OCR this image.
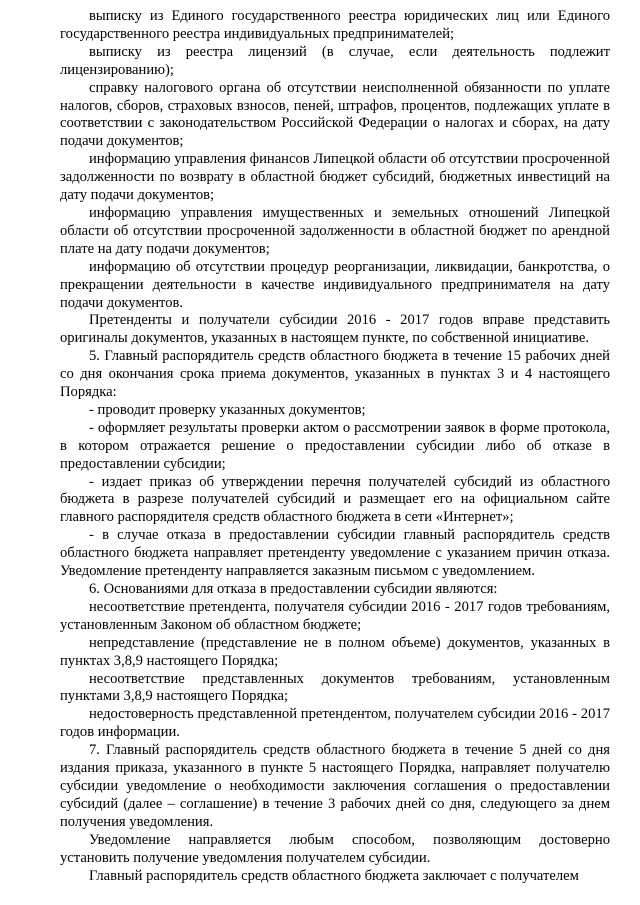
выписку из Единого государственного реестра юридических лиц или Единого государственного реестра индивидуальных предпринимателей;

выписку из реестра лицензий (в случае, если деятельность подлежит лицензированию);

справку налогового органа об отсутствии неисполненной обязанности по уплате налогов, сборов, страховых взносов, пеней, штрафов, процентов, подлежащих уплате в соответствии с законодательством Российской Федерации о налогах и сборах, на дату подачи документов;

информацию управления финансов Липецкой области об отсутствии просроченной задолженности по возврату в областной бюджет субсидий, бюджетных инвестиций на дату подачи документов;

информацию управления имущественных и земельных отношений Липецкой области об отсутствии просроченной задолженности в областной бюджет по арендной плате на дату подачи документов;

информацию об отсутствии процедур реорганизации, ликвидации, банкротства, о прекращении деятельности в качестве индивидуального предпринимателя на дату подачи документов.

Претенденты и получатели субсидии 2016 - 2017 годов вправе представить оригиналы документов, указанных в настоящем пункте, по собственной инициативе.

5. Главный распорядитель средств областного бюджета в течение 15 рабочих дней со дня окончания срока приема документов, указанных в пунктах 3 и 4 настоящего Порядка:

- проводит проверку указанных документов;

- оформляет результаты проверки актом о рассмотрении заявок в форме протокола, в котором отражается решение о предоставлении субсидии либо об отказе в предоставлении субсидии;

- издает приказ об утверждении перечня получателей субсидий из областного бюджета в разрезе получателей субсидий и размещает его на официальном сайте главного распорядителя средств областного бюджета в сети «Интернет»;

- в случае отказа в предоставлении субсидии главный распорядитель средств областного бюджета направляет претенденту уведомление с указанием причин отказа. Уведомление претенденту направляется заказным письмом с уведомлением.

6. Основаниями для отказа в предоставлении субсидии являются:

несоответствие претендента, получателя субсидии 2016 - 2017 годов требованиям, установленным Законом об областном бюджете;

непредставление (представление не в полном объеме) документов, указанных в пунктах 3,8,9 настоящего Порядка;

несоответствие представленных документов требованиям, установленным пунктами 3,8,9 настоящего Порядка;

недостоверность представленной претендентом, получателем субсидии 2016 - 2017 годов информации.

7. Главный распорядитель средств областного бюджета в течение 5 дней со дня издания приказа, указанного в пункте 5 настоящего Порядка, направляет получателю субсидии уведомление о необходимости заключения соглашения о предоставлении субсидий (далее – соглашение) в течение 3 рабочих дней со дня, следующего за днем получения уведомления.

Уведомление направляется любым способом, позволяющим достоверно установить получение уведомления получателем субсидии.

Главный распорядитель средств областного бюджета заключает с получателем
